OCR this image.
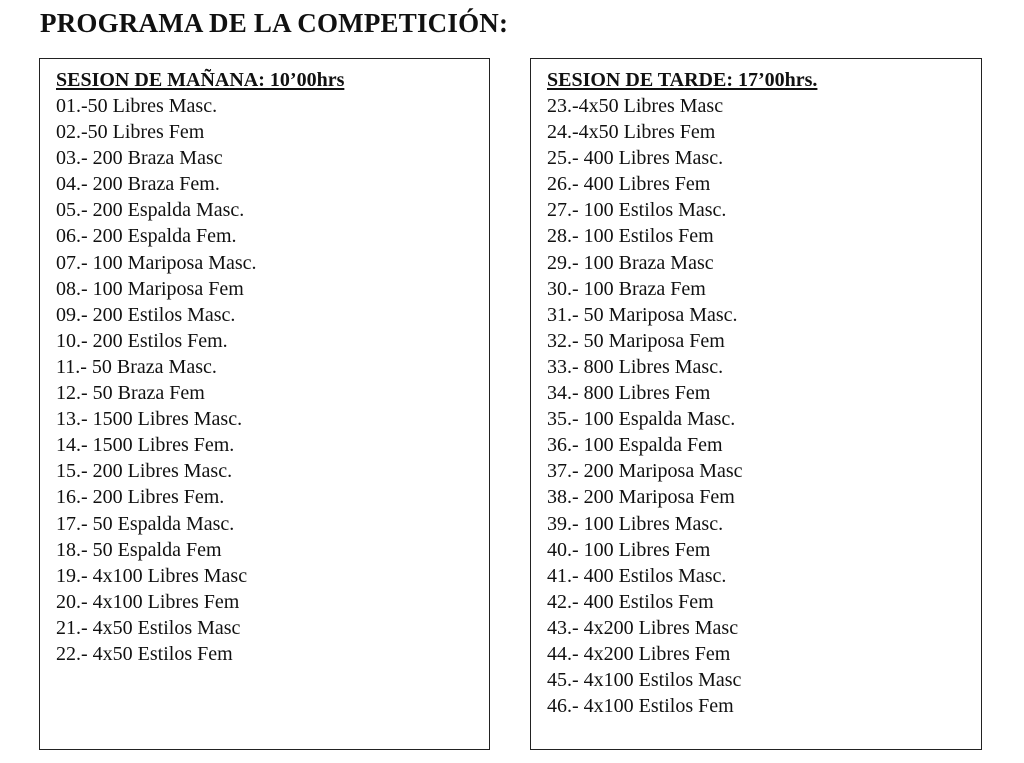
PROGRAMA DE LA COMPETICIÓN:
SESION DE MAÑANA: 10’00hrs
01.-50 Libres Masc.
02.-50 Libres Fem
03.- 200 Braza Masc
04.- 200 Braza Fem.
05.- 200 Espalda Masc.
06.- 200 Espalda Fem.
07.- 100 Mariposa Masc.
08.- 100 Mariposa Fem
09.- 200 Estilos Masc.
10.- 200 Estilos Fem.
11.- 50 Braza Masc.
12.- 50 Braza Fem
13.- 1500 Libres Masc.
14.- 1500 Libres Fem.
15.- 200 Libres Masc.
16.- 200 Libres Fem.
17.- 50 Espalda Masc.
18.- 50 Espalda Fem
19.- 4x100 Libres Masc
20.- 4x100 Libres Fem
21.- 4x50 Estilos Masc
22.- 4x50 Estilos Fem
SESION DE TARDE: 17’00hrs.
23.-4x50 Libres Masc
24.-4x50 Libres Fem
25.- 400 Libres Masc.
26.- 400 Libres Fem
27.- 100 Estilos Masc.
28.- 100 Estilos Fem
29.- 100 Braza Masc
30.- 100 Braza Fem
31.- 50 Mariposa Masc.
32.- 50 Mariposa Fem
33.- 800 Libres Masc.
34.- 800 Libres Fem
35.- 100 Espalda Masc.
36.- 100 Espalda Fem
37.- 200 Mariposa Masc
38.- 200 Mariposa Fem
39.- 100 Libres Masc.
40.- 100 Libres Fem
41.- 400 Estilos Masc.
42.- 400 Estilos Fem
43.- 4x200 Libres Masc
44.- 4x200 Libres Fem
45.- 4x100 Estilos Masc
46.- 4x100 Estilos Fem
